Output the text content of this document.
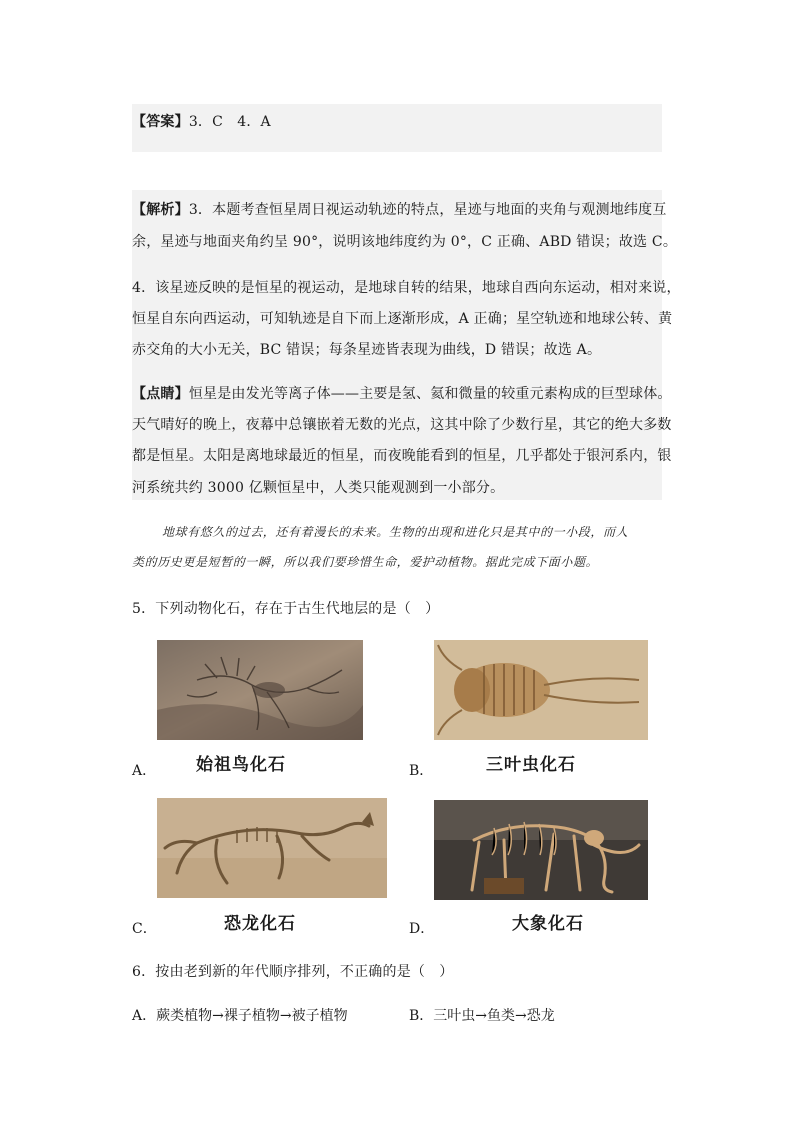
【答案】3．C　4．A
【解析】3．本题考查恒星周日视运动轨迹的特点，星迹与地面的夹角与观测地纬度互
余，星迹与地面夹角约呈 90°，说明该地纬度约为 0°，C 正确、ABD 错误；故选 C。
4．该星迹反映的是恒星的视运动，是地球自转的结果，地球自西向东运动，相对来说，
恒星自东向西运动，可知轨迹是自下而上逐渐形成，A 正确；星空轨迹和地球公转、黄
赤交角的大小无关，BC 错误；每条星迹皆表现为曲线，D 错误；故选 A。
【点睛】恒星是由发光等离子体——主要是氢、氦和微量的较重元素构成的巨型球体。
天气晴好的晚上，夜幕中总镶嵌着无数的光点，这其中除了少数行星，其它的绝大多数
都是恒星。太阳是离地球最近的恒星，而夜晚能看到的恒星，几乎都处于银河系内，银
河系统共约 3000 亿颗恒星中，人类只能观测到一小部分。
地球有悠久的过去，还有着漫长的未来。生物的出现和进化只是其中的一小段，而人
类的历史更是短暂的一瞬，所以我们要珍惜生命，爱护动植物。据此完成下面小题。
5．下列动物化石，存在于古生代地层的是（　）
A． 始祖鸟化石	B．	三叶虫化石
C．	恐龙化石	D．	大象化石
6．按由老到新的年代顺序排列，不正确的是（　）
A．蕨类植物→裸子植物→被子植物	B．三叶虫→鱼类→恐龙
